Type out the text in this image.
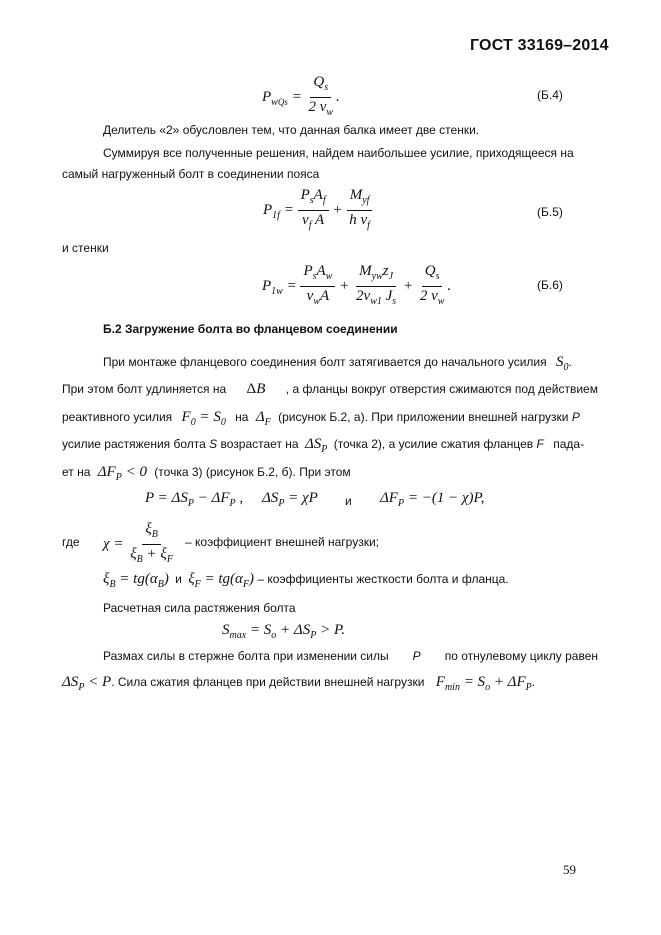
ГОСТ 33169–2014
$P_{wQs} = \frac{Q_s}{2 v_w}$ .	(Б.4)
Делитель «2» обусловлен тем, что данная балка имеет две стенки.
Суммируя все полученные решения, найдем наибольшее усилие, приходящееся на
самый нагруженный болт в соединении пояса
$P_{1f} = \frac{P_sA_f}{v_f A} + \frac{M_{yf}}{h v_f}$	(Б.5)
и стенки
$P_{1w} = \frac{P_sA_w}{v_wA} + \frac{M_{yw}z_J}{2v_{w1} J_s} + \frac{Q_s}{2 v_w}$ .	(Б.6)
Б.2 Загружение болта во фланцевом соединении
При монтаже фланцевого соединения болт затягивается до начального усилия $S_0$.
При этом болт удлиняется на ΔB , а фланцы вокруг отверстия сжимаются под действием
реактивного усилия $F_0 = S_0$ на $\Delta_F$ (рисунок Б.2, а). При приложении внешней нагрузки P
усилие растяжения болта S возрастает на $\Delta S_P$ (точка 2), а усилие сжатия фланцев F пада-
ет на $\Delta F_P < 0$ (точка 3) (рисунок Б.2, б). При этом
$P = \Delta S_P - \Delta F_P$ , $\Delta S_P = \chi P$ и $\Delta F_P = -(1 - \chi)P$,
где $\chi = \frac{\xi_B}{\xi_B + \xi_F}$ – коэффициент внешней нагрузки;
$\xi_B = tg(\alpha_B)$ и $\xi_F = tg(\alpha_F)$ – коэффициенты жесткости болта и фланца.
Расчетная сила растяжения болта
$S_{max} = S_o + \Delta S_P > P$.
Размах силы в стержне болта при изменении силы P по отнулевому циклу равен
$\Delta S_P < P$. Сила сжатия фланцев при действии внешней нагрузки $F_{min} = S_o + \Delta F_P$.
59
